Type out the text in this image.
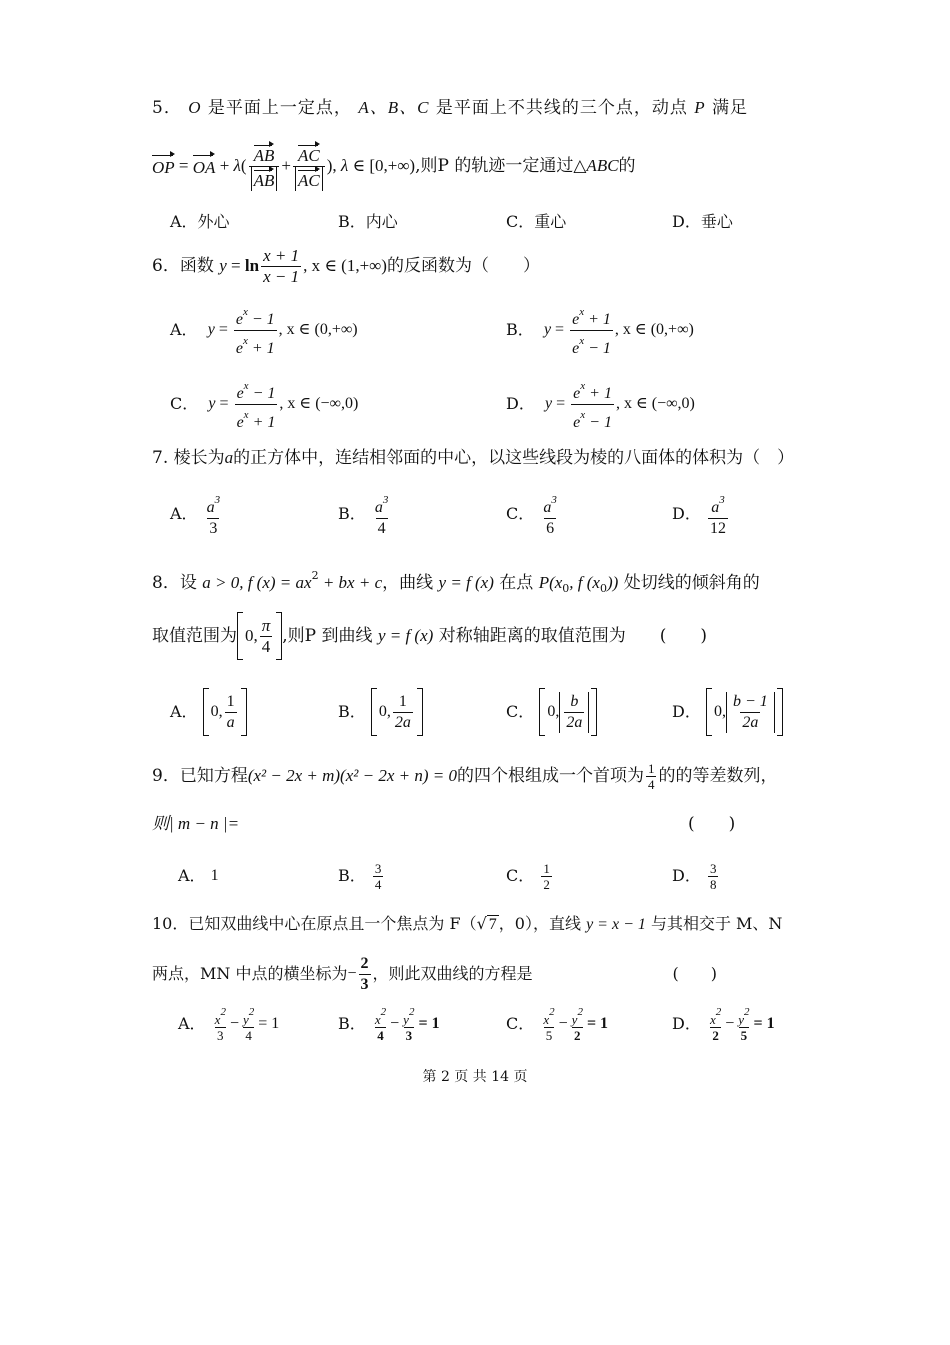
5． O 是平面上一定点， A、B、C 是平面上不共线的三个点，动点 P 满足
OP = OA + λ ( $\frac{AB}{AB} + \frac{AC}{AC}$ ), λ ∈ [0,+∞) ,则P 的轨迹一定通过 △ABC 的
A．外心	B．内心	C．重心	D．垂心
6． 函数
$y = \ln \frac{x + 1}{x - 1}$ , x ∈ (1,+∞) 的反函数为（　　）
A．
$y = \frac{e^x - 1}{e^x + 1}$ , x ∈ (0,+∞)	B．
$y = \frac{e^x + 1}{e^x - 1}$ , x ∈ (0,+∞)
C．
$y = \frac{e^x - 1}{e^x + 1}$ , x ∈ (−∞,0)	D．
$y = \frac{e^x + 1}{e^x - 1}$ , x ∈ (−∞,0)
7. 棱长为a的正方体中，连结相邻面的中心，以这些线段为棱的八面体的体积为（　）
A．
$\frac{a^3}{3}$	B．
$\frac{a^3}{4}$	C．
$\frac{a^3}{6}$	D．
$\frac{a^3}{12}$
8．设 a > 0, f $(x) = ax^2$ + bx + c，曲线 y = f (x) 在点 $P(x_0$, f $(x_0)$) 处切线的倾斜角的
取值范围为 0, $\frac{\pi}{4}$ ,则P 到曲线
y = f (x)
对称轴距离的取值范围为 (　　)
A．
0, $\frac{1}{a}$	B．
0, $\frac{1}{2a}$	C．
0, $\frac{b}{2a}$	D．
0, $\frac{b - 1}{2a}$
9． 已知方程 (x² − 2x + m)(x² − 2x + n) = 0 的四个根组成一个首项为 $\frac{1}{4}$ 的的等差数列，
则| m − n |=	(　　)
A．
1	B．
$\frac{3}{4}$	C．
$\frac{1}{2}$	D．
$\frac{3}{8}$
10．已知双曲线中心在原点且一个焦点为 F（√ 7 ，0），直线 y = x − 1 与其相交于 M、N
两点，MN 中点的横坐标为 − $\frac{2}{3}$ ，则此双曲线的方程是	(　　)
A．
$\frac{x^2}{3} - \frac{y^2}{4} = 1$	B．
$\frac{x^2}{4} - \frac{y^2}{3} = 1$	C．
$\frac{x^2}{5} - \frac{y^2}{2} = 1$	D．
$\frac{x^2}{2} - \frac{y^2}{5} = 1$
第 2 页 共 14 页
